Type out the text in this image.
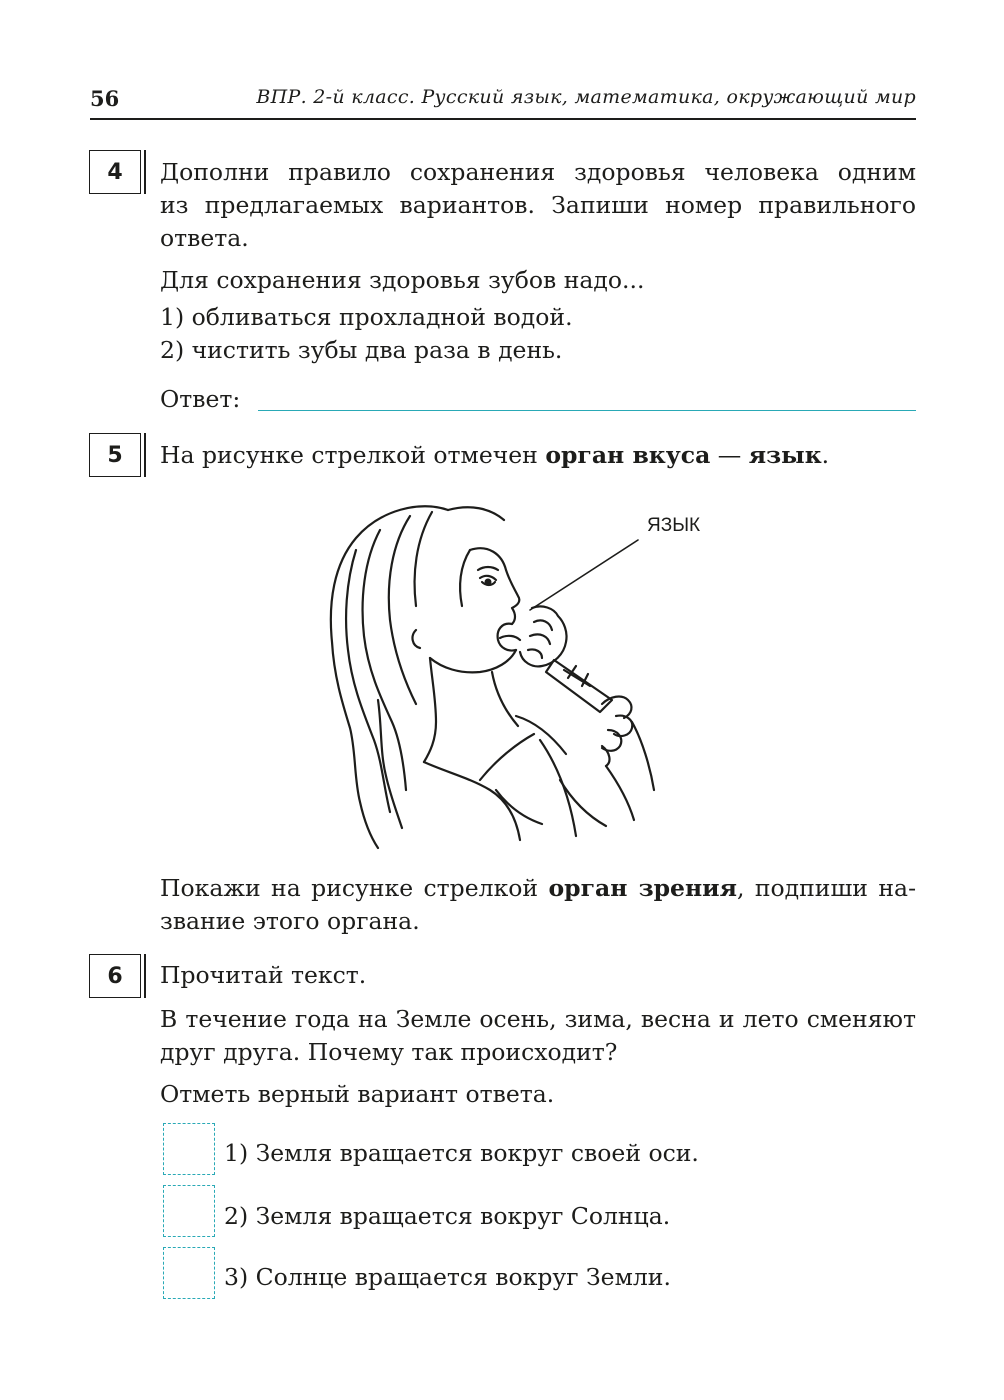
56	ВПР. 2-й класс. Русский язык, математика, окружающий мир
4	Дополни правило сохранения здоровья человека одним
из предлагаемых вариантов. Запиши номер правильного
ответа.
Для сохранения здоровья зубов надо...
1) обливаться прохладной водой.
2) чистить зубы два раза в день.
Ответ:
5	На рисунке стрелкой отмечен орган вкуса — язык.
ЯЗЫК
Покажи на рисунке стрелкой орган зрения, подпиши на-
звание этого органа.
6	Прочитай текст.
В течение года на Земле осень, зима, весна и лето сменяют
друг друга. Почему так происходит?
Отметь верный вариант ответа.
1) Земля вращается вокруг своей оси.
2) Земля вращается вокруг Солнца.
3) Солнце вращается вокруг Земли.
